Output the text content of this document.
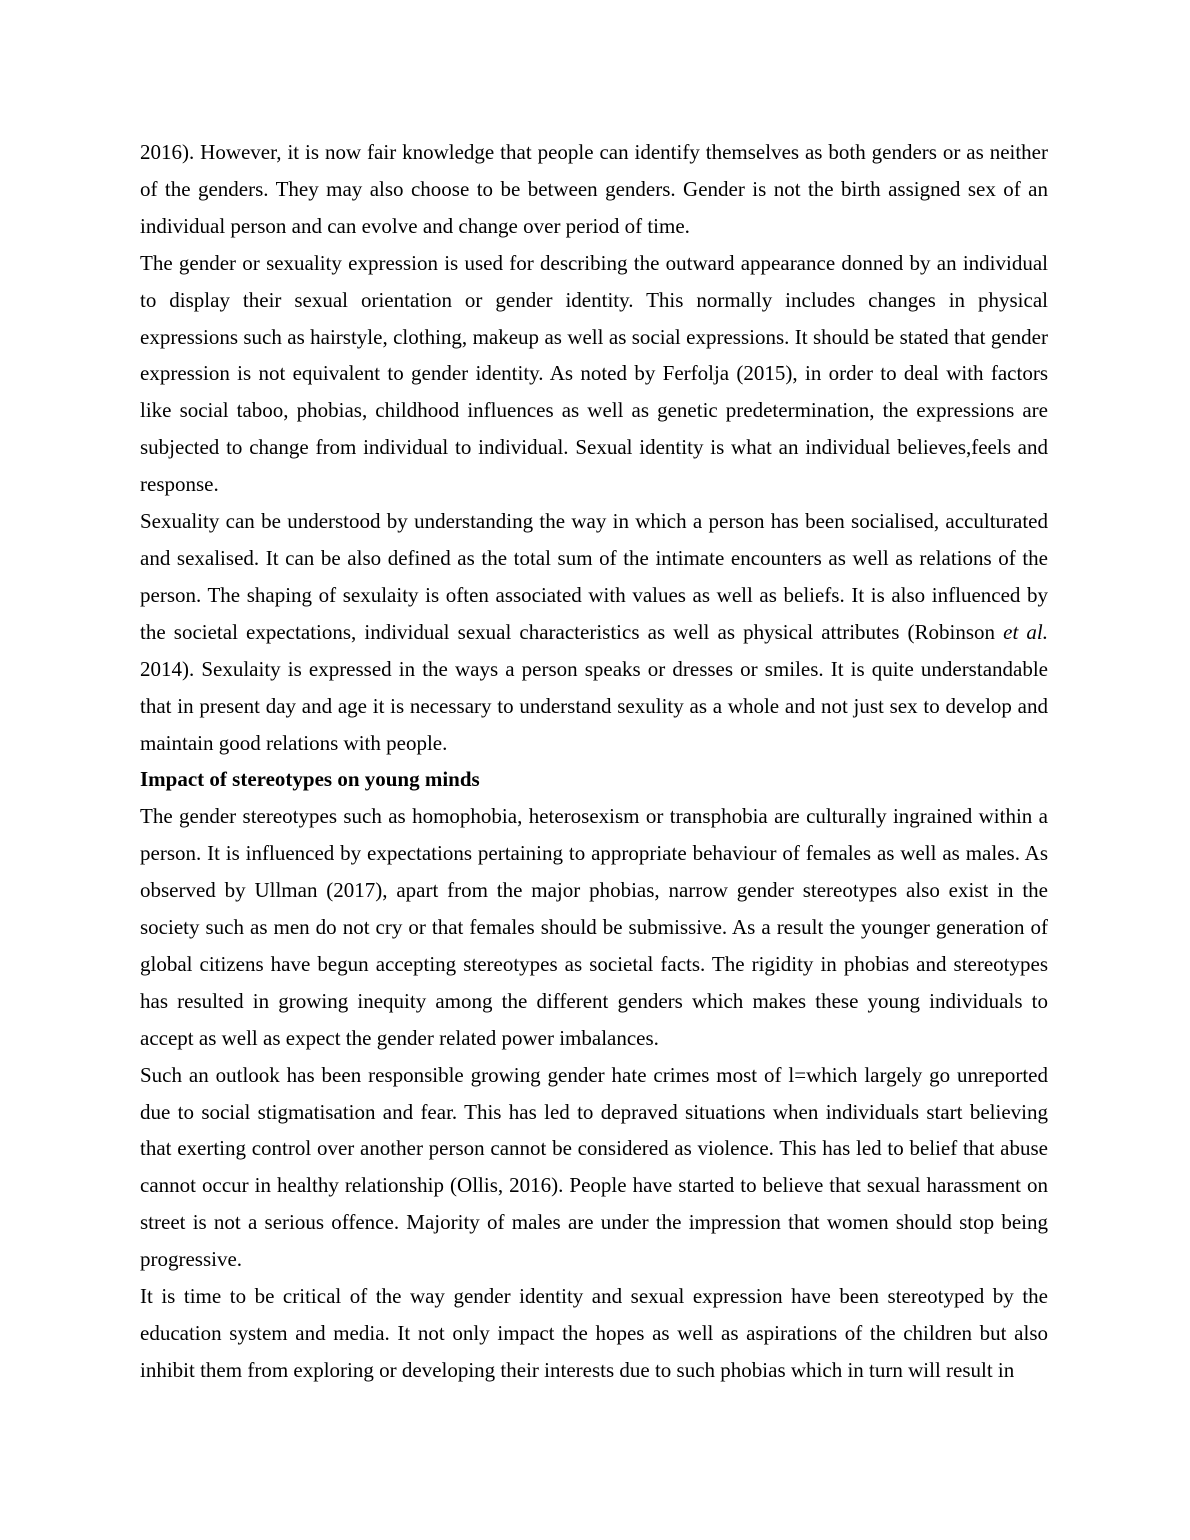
2016). However, it is now fair knowledge that people can identify themselves as both genders or as neither of the genders. They may also choose to be between genders. Gender is not the birth assigned sex of an individual person and can evolve and change over period of time.

The gender or sexuality expression is used for describing the outward appearance donned by an individual to display their sexual orientation or gender identity. This normally includes changes in physical expressions such as hairstyle, clothing, makeup as well as social expressions. It should be stated that gender expression is not equivalent to gender identity. As noted by Ferfolja (2015), in order to deal with factors like social taboo, phobias, childhood influences as well as genetic predetermination, the expressions are subjected to change from individual to individual. Sexual identity is what an individual believes,feels and response.

Sexuality can be understood by understanding the way in which a person has been socialised, acculturated and sexalised. It can be also defined as the total sum of the intimate encounters as well as relations of the person. The shaping of sexulaity is often associated with values as well as beliefs. It is also influenced by the societal expectations, individual sexual characteristics as well as physical attributes (Robinson et al. 2014). Sexulaity is expressed in the ways a person speaks or dresses or smiles. It is quite understandable that in present day and age it is necessary to understand sexulity as a whole and not just sex to develop and maintain good relations with people.

Impact of stereotypes on young minds

The gender stereotypes such as homophobia, heterosexism or transphobia are culturally ingrained within a person. It is influenced by expectations pertaining to appropriate behaviour of females as well as males. As observed by Ullman (2017), apart from the major phobias, narrow gender stereotypes also exist in the society such as men do not cry or that females should be submissive. As a result the younger generation of global citizens have begun accepting stereotypes as societal facts. The rigidity in phobias and stereotypes has resulted in growing inequity among the different genders which makes these young individuals to accept as well as expect the gender related power imbalances.

Such an outlook has been responsible growing gender hate crimes most of l=which largely go unreported due to social stigmatisation and fear. This has led to depraved situations when individuals start believing that exerting control over another person cannot be considered as violence. This has led to belief that abuse cannot occur in healthy relationship (Ollis, 2016). People have started to believe that sexual harassment on street is not a serious offence. Majority of males are under the impression that women should stop being progressive.

It is time to be critical of the way gender identity and sexual expression have been stereotyped by the education system and media. It not only impact the hopes as well as aspirations of the children but also inhibit them from exploring or developing their interests due to such phobias which in turn will result in
